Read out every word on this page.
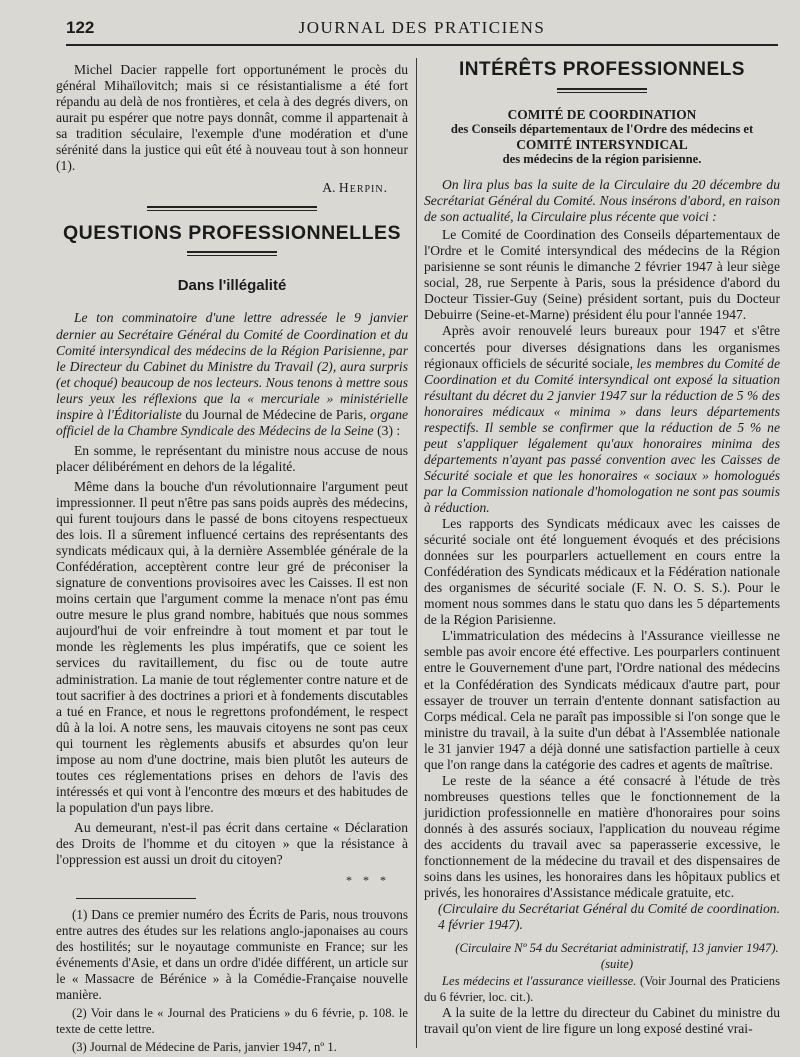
122	JOURNAL DES PRATICIENS

Michel Dacier rappelle fort opportunément le procès du général Mihaïlovitch; mais si ce résistantialisme a été fort répandu au delà de nos frontières, et cela à des degrés divers, on aurait pu espérer que notre pays donnât, comme il appartenait à sa tradition séculaire, l'exemple d'une modération et d'une sérénité dans la justice qui eût été à nouveau tout à son honneur (1).

A. Herpin.

QUESTIONS PROFESSIONNELLES
Dans l'illégalité

Le ton comminatoire d'une lettre adressée le 9 janvier dernier au Secrétaire Général du Comité de Coordination et du Comité intersyndical des médecins de la Région Parisienne, par le Directeur du Cabinet du Ministre du Travail (2), aura surpris (et choqué) beaucoup de nos lecteurs. Nous tenons à mettre sous leurs yeux les réflexions que la « mercuriale » ministérielle inspire à l'Éditorialiste du Journal de Médecine de Paris, organe officiel de la Chambre Syndicale des Médecins de la Seine (3) :

En somme, le représentant du ministre nous accuse de nous placer délibérément en dehors de la légalité.

Même dans la bouche d'un révolutionnaire l'argument peut impressionner. Il peut n'être pas sans poids auprès des médecins, qui furent toujours dans le passé de bons citoyens respectueux des lois. Il a sûrement influencé certains des représentants des syndicats médicaux qui, à la dernière Assemblée générale de la Confédération, acceptèrent contre leur gré de préconiser la signature de conventions provisoires avec les Caisses. Il est non moins certain que l'argument comme la menace n'ont pas ému outre mesure le plus grand nombre, habitués que nous sommes aujourd'hui de voir enfreindre à tout moment et par tout le monde les règlements les plus impératifs, que ce soient les services du ravitaillement, du fisc ou de toute autre administration. La manie de tout réglementer contre nature et de tout sacrifier à des doctrines a priori et à fondements discutables a tué en France, et nous le regrettons profondément, le respect dû à la loi. A notre sens, les mauvais citoyens ne sont pas ceux qui tournent les règlements abusifs et absurdes qu'on leur impose au nom d'une doctrine, mais bien plutôt les auteurs de toutes ces réglementations prises en dehors de l'avis des intéressés et qui vont à l'encontre des mœurs et des habitudes de la population d'un pays libre.

Au demeurant, n'est-il pas écrit dans certaine « Déclaration des Droits de l'homme et du citoyen » que la résistance à l'oppression est aussi un droit du citoyen?

* * *

(1) Dans ce premier numéro des Écrits de Paris, nous trouvons entre autres des études sur les relations anglo-japonaises au cours des hostilités; sur le noyautage communiste en France; sur les événements d'Asie, et dans un ordre d'idée différent, un article sur le « Massacre de Bérénice » à la Comédie-Française nouvelle manière.

(2) Voir dans le « Journal des Praticiens » du 6 févrie, p. 108. le texte de cette lettre.

(3) Journal de Médecine de Paris, janvier 1947, nº 1.

INTÉRÊTS PROFESSIONNELS
COMITÉ DE COORDINATION
des Conseils départementaux de l'Ordre des médecins et
COMITÉ INTERSYNDICAL
des médecins de la région parisienne.

On lira plus bas la suite de la Circulaire du 20 décembre du Secrétariat Général du Comité. Nous insérons d'abord, en raison de son actualité, la Circulaire plus récente que voici :

Le Comité de Coordination des Conseils départementaux de l'Ordre et le Comité intersyndical des médecins de la Région parisienne se sont réunis le dimanche 2 février 1947 à leur siège social, 28, rue Serpente à Paris, sous la présidence d'abord du Docteur Tissier-Guy (Seine) président sortant, puis du Docteur Debuirre (Seine-et-Marne) président élu pour l'année 1947.

Après avoir renouvelé leurs bureaux pour 1947 et s'être concertés pour diverses désignations dans les organismes régionaux officiels de sécurité sociale, les membres du Comité de Coordination et du Comité intersyndical ont exposé la situation résultant du décret du 2 janvier 1947 sur la réduction de 5 % des honoraires médicaux « minima » dans leurs départements respectifs. Il semble se confirmer que la réduction de 5 % ne peut s'appliquer légalement qu'aux honoraires minima des départements n'ayant pas passé convention avec les Caisses de Sécurité sociale et que les honoraires « sociaux » homologués par la Commission nationale d'homologation ne sont pas soumis à réduction.

Les rapports des Syndicats médicaux avec les caisses de sécurité sociale ont été longuement évoqués et des précisions données sur les pourparlers actuellement en cours entre la Confédération des Syndicats médicaux et la Fédération nationale des organismes de sécurité sociale (F. N. O. S. S.). Pour le moment nous sommes dans le statu quo dans les 5 départements de la Région Parisienne.

L'immatriculation des médecins à l'Assurance vieillesse ne semble pas avoir encore été effective. Les pourparlers continuent entre le Gouvernement d'une part, l'Ordre national des médecins et la Confédération des Syndicats médicaux d'autre part, pour essayer de trouver un terrain d'entente donnant satisfaction au Corps médical. Cela ne paraît pas impossible si l'on songe que le ministre du travail, à la suite d'un débat à l'Assemblée nationale le 31 janvier 1947 a déjà donné une satisfaction partielle à ceux que l'on range dans la catégorie des cadres et agents de maîtrise.

Le reste de la séance a été consacré à l'étude de très nombreuses questions telles que le fonctionnement de la juridiction professionnelle en matière d'honoraires pour soins donnés à des assurés sociaux, l'application du nouveau régime des accidents du travail avec sa paperasserie excessive, le fonctionnement de la médecine du travail et des dispensaires de soins dans les usines, les honoraires dans les hôpitaux publics et privés, les honoraires d'Assistance médicale gratuite, etc.

(Circulaire du Secrétariat Général du Comité de coordination. 4 février 1947).

(Circulaire Nº 54 du Secrétariat administratif, 13 janvier 1947). (suite)

Les médecins et l'assurance vieillesse. (Voir Journal des Praticiens du 6 février, loc. cit.).

A la suite de la lettre du directeur du Cabinet du ministre du travail qu'on vient de lire figure un long exposé destiné vrai-
